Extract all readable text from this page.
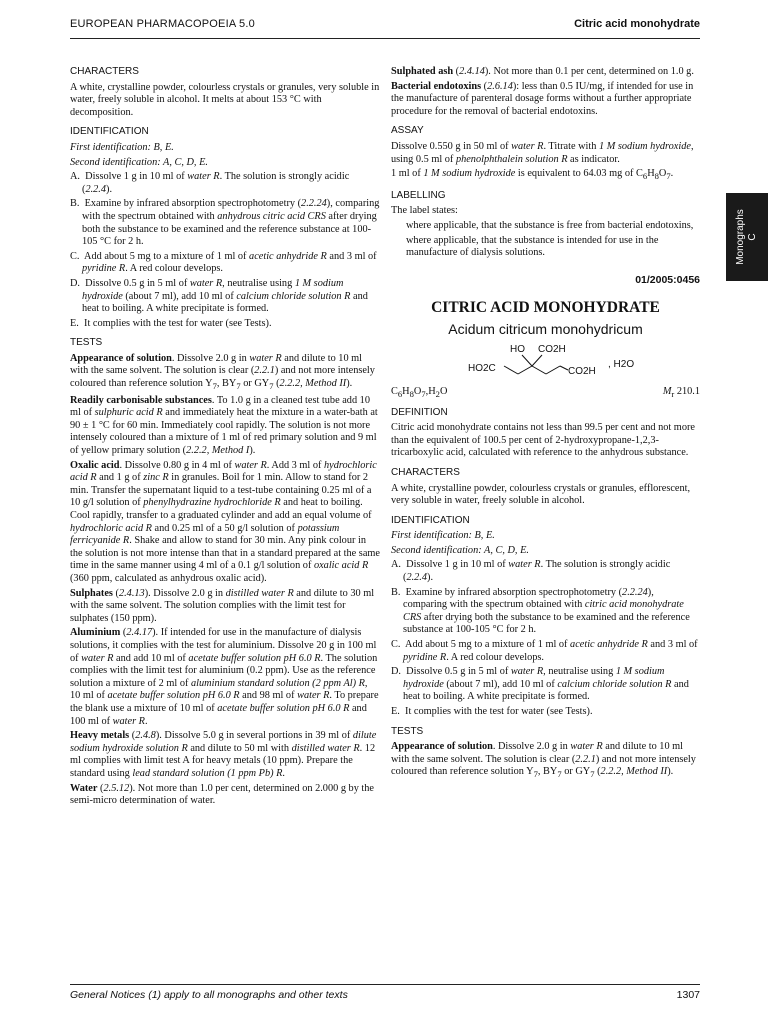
EUROPEAN PHARMACOPOEIA 5.0	Citric acid monohydrate
Monographs C
CHARACTERS

A white, crystalline powder, colourless crystals or granules, very soluble in water, freely soluble in alcohol. It melts at about 153 °C with decomposition.

IDENTIFICATION

First identification: B, E.

Second identification: A, C, D, E.

A.  Dissolve 1 g in 10 ml of water R. The solution is strongly acidic (2.2.4).

B.  Examine by infrared absorption spectrophotometry (2.2.24), comparing with the spectrum obtained with anhydrous citric acid CRS after drying both the substance to be examined and the reference substance at 100-105 °C for 2 h.

C.  Add about 5 mg to a mixture of 1 ml of acetic anhydride R and 3 ml of pyridine R. A red colour develops.

D.  Dissolve 0.5 g in 5 ml of water R, neutralise using 1 M sodium hydroxide (about 7 ml), add 10 ml of calcium chloride solution R and heat to boiling. A white precipitate is formed.

E.  It complies with the test for water (see Tests).

TESTS

Appearance of solution. Dissolve 2.0 g in water R and dilute to 10 ml with the same solvent. The solution is clear (2.2.1) and not more intensely coloured than reference solution $Y_7$, $BY_7$ or $GY_7$ (2.2.2, Method II).

Readily carbonisable substances. To 1.0 g in a cleaned test tube add 10 ml of sulphuric acid R and immediately heat the mixture in a water-bath at 90 ± 1 °C for 60 min. Immediately cool rapidly. The solution is not more intensely coloured than a mixture of 1 ml of red primary solution and 9 ml of yellow primary solution (2.2.2, Method I).

Oxalic acid. Dissolve 0.80 g in 4 ml of water R. Add 3 ml of hydrochloric acid R and 1 g of zinc R in granules. Boil for 1 min. Allow to stand for 2 min. Transfer the supernatant liquid to a test-tube containing 0.25 ml of a 10 g/l solution of phenylhydrazine hydrochloride R and heat to boiling. Cool rapidly, transfer to a graduated cylinder and add an equal volume of hydrochloric acid R and 0.25 ml of a 50 g/l solution of potassium ferricyanide R. Shake and allow to stand for 30 min. Any pink colour in the solution is not more intense than that in a standard prepared at the same time in the same manner using 4 ml of a 0.1 g/l solution of oxalic acid R (360 ppm, calculated as anhydrous oxalic acid).

Sulphates (2.4.13). Dissolve 2.0 g in distilled water R and dilute to 30 ml with the same solvent. The solution complies with the limit test for sulphates (150 ppm).

Aluminium (2.4.17). If intended for use in the manufacture of dialysis solutions, it complies with the test for aluminium. Dissolve 20 g in 100 ml of water R and add 10 ml of acetate buffer solution pH 6.0 R. The solution complies with the limit test for aluminium (0.2 ppm). Use as the reference solution a mixture of 2 ml of aluminium standard solution (2 ppm Al) R, 10 ml of acetate buffer solution pH 6.0 R and 98 ml of water R. To prepare the blank use a mixture of 10 ml of acetate buffer solution pH 6.0 R and 100 ml of water R.

Heavy metals (2.4.8). Dissolve 5.0 g in several portions in 39 ml of dilute sodium hydroxide solution R and dilute to 50 ml with distilled water R. 12 ml complies with limit test A for heavy metals (10 ppm). Prepare the standard using lead standard solution (1 ppm Pb) R.

Water (2.5.12). Not more than 1.0 per cent, determined on 2.000 g by the semi-micro determination of water.

Sulphated ash (2.4.14). Not more than 0.1 per cent, determined on 1.0 g.

Bacterial endotoxins (2.6.14): less than 0.5 IU/mg, if intended for use in the manufacture of parenteral dosage forms without a further appropriate procedure for the removal of bacterial endotoxins.

ASSAY

Dissolve 0.550 g in 50 ml of water R. Titrate with 1 M sodium hydroxide, using 0.5 ml of phenolphthalein solution R as indicator.

1 ml of 1 M sodium hydroxide is equivalent to 64.03 mg of $C_6H_8O_7$.

LABELLING

The label states:

where applicable, that the substance is free from bacterial endotoxins,

where applicable, that the substance is intended for use in the manufacture of dialysis solutions.

01/2005:0456
CITRIC ACID MONOHYDRATE
Acidum citricum monohydricum
HO CO2H
HO2C	CO2H
, H2O
$C_6H_8O_7,H_2O$	$M_r$ 210.1
DEFINITION

Citric acid monohydrate contains not less than 99.5 per cent and not more than the equivalent of 100.5 per cent of 2-hydroxypropane-1,2,3-tricarboxylic acid, calculated with reference to the anhydrous substance.

CHARACTERS

A white, crystalline powder, colourless crystals or granules, efflorescent, very soluble in water, freely soluble in alcohol.

IDENTIFICATION

First identification: B, E.

Second identification: A, C, D, E.

A.  Dissolve 1 g in 10 ml of water R. The solution is strongly acidic (2.2.4).

B.  Examine by infrared absorption spectrophotometry (2.2.24), comparing with the spectrum obtained with citric acid monohydrate CRS after drying both the substance to be examined and the reference substance at 100-105 °C for 2 h.

C.  Add about 5 mg to a mixture of 1 ml of acetic anhydride R and 3 ml of pyridine R. A red colour develops.

D.  Dissolve 0.5 g in 5 ml of water R, neutralise using 1 M sodium hydroxide (about 7 ml), add 10 ml of calcium chloride solution R and heat to boiling. A white precipitate is formed.

E.  It complies with the test for water (see Tests).

TESTS

Appearance of solution. Dissolve 2.0 g in water R and dilute to 10 ml with the same solvent. The solution is clear (2.2.1) and not more intensely coloured than reference solution $Y_7$, $BY_7$ or $GY_7$ (2.2.2, Method II).

General Notices (1) apply to all monographs and other texts	1307
